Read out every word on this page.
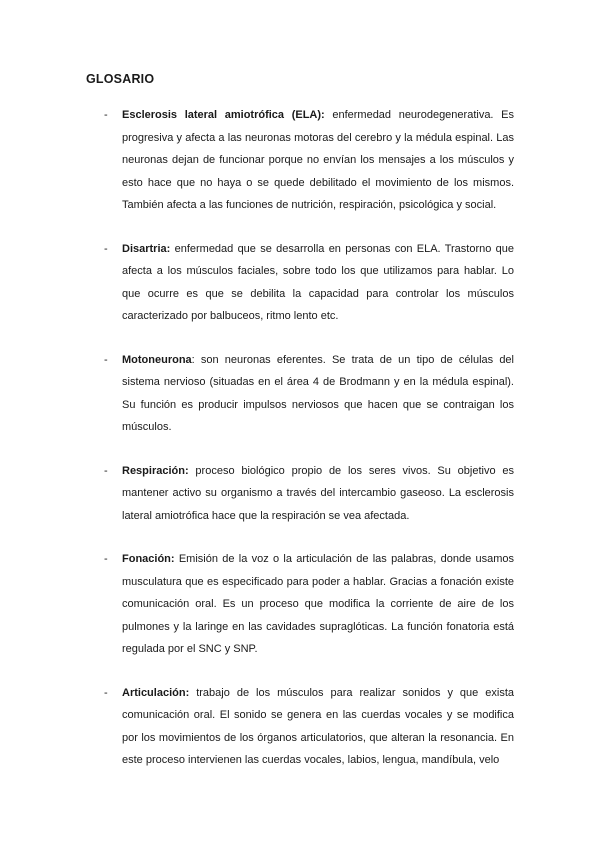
GLOSARIO
- Esclerosis lateral amiotrófica (ELA): enfermedad neurodegenerativa. Es progresiva y afecta a las neuronas motoras del cerebro y la médula espinal. Las neuronas dejan de funcionar porque no envían los mensajes a los músculos y esto hace que no haya o se quede debilitado el movimiento de los mismos. También afecta a las funciones de nutrición, respiración, psicológica y social.
- Disartria: enfermedad que se desarrolla en personas con ELA. Trastorno que afecta a los músculos faciales, sobre todo los que utilizamos para hablar. Lo que ocurre es que se debilita la capacidad para controlar los músculos caracterizado por balbuceos, ritmo lento etc.
- Motoneurona: son neuronas eferentes. Se trata de un tipo de células del sistema nervioso (situadas en el área 4 de Brodmann y en la médula espinal). Su función es producir impulsos nerviosos que hacen que se contraigan los músculos.
- Respiración: proceso biológico propio de los seres vivos. Su objetivo es mantener activo su organismo a través del intercambio gaseoso. La esclerosis lateral amiotrófica hace que la respiración se vea afectada.
- Fonación: Emisión de la voz o la articulación de las palabras, donde usamos musculatura que es especificado para poder a hablar. Gracias a fonación existe comunicación oral. Es un proceso que modifica la corriente de aire de los pulmones y la laringe en las cavidades supraglóticas. La función fonatoria está regulada por el SNC y SNP.
- Articulación: trabajo de los músculos para realizar sonidos y que exista comunicación oral. El sonido se genera en las cuerdas vocales y se modifica por los movimientos de los órganos articulatorios, que alteran la resonancia. En este proceso intervienen las cuerdas vocales, labios, lengua, mandíbula, velo
